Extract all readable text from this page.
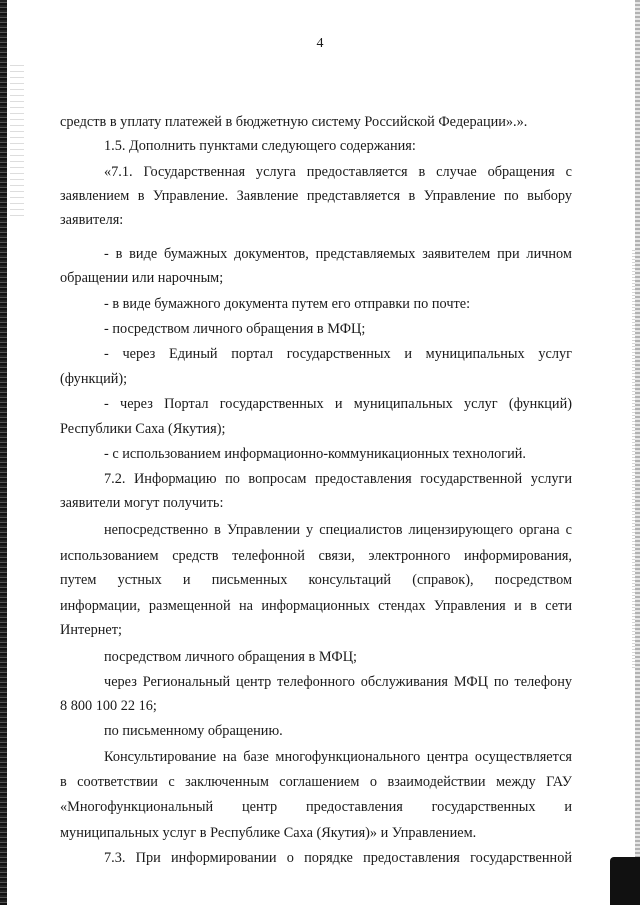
4
средств в уплату платежей в бюджетную систему Российской Федерации».».
1.5. Дополнить пунктами следующего содержания:
«7.1. Государственная услуга предоставляется в случае обращения с
заявлением в Управление. Заявление представляется в Управление по выбору
заявителя:
- в виде бумажных документов, представляемых заявителем при личном
обращении или нарочным;
- в виде бумажного документа путем его отправки по почте:
- посредством личного обращения в МФЦ;
- через Единый портал государственных и муниципальных услуг
(функций);
- через Портал государственных и муниципальных услуг (функций)
Республики Саха (Якутия);
- с использованием информационно-коммуникационных технологий.
7.2. Информацию по вопросам предоставления государственной услуги
заявители могут получить:
непосредственно в Управлении у специалистов лицензирующего органа с
использованием средств телефонной связи, электронного информирования,
путем устных и письменных консультаций (справок), посредством
информации, размещенной на информационных стендах Управления и в сети
Интернет;
посредством личного обращения в МФЦ;
через Региональный центр телефонного обслуживания МФЦ по телефону
8 800 100 22 16;
по письменному обращению.
Консультирование на базе многофункционального центра осуществляется
в соответствии с заключенным соглашением о взаимодействии между ГАУ
«Многофункциональный центр предоставления государственных и
муниципальных услуг в Республике Саха (Якутия)» и Управлением.
7.3. При информировании о порядке предоставления государственной
